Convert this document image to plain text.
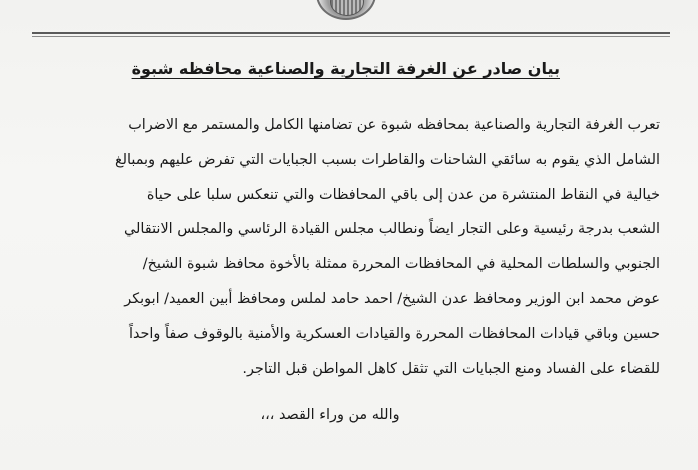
بيان صادر عن الغرفة التجارية والصناعية محافظه شبوة
تعرب الغرفة التجارية والصناعية بمحافظه شبوة عن تضامنها الكامل والمستمر مع الاضراب
الشامل الذي يقوم به سائقي الشاحنات والقاطرات بسبب الجبايات التي تفرض عليهم وبمبالغ
خيالية في النقاط المنتشرة من عدن إلى باقي المحافظات والتي تنعكس سلبا على حياة
الشعب بدرجة رئيسية وعلى التجار ايضاً ونطالب مجلس القيادة الرئاسي والمجلس الانتقالي
الجنوبي والسلطات المحلية في المحافظات المحررة ممثلة بالأخوة محافظ شبوة الشيخ/
عوض محمد ابن الوزير ومحافظ عدن الشيخ/ احمد حامد لملس ومحافظ أبين العميد/ ابوبكر
حسين وباقي قيادات المحافظات المحررة والقيادات العسكرية والأمنية بالوقوف صفاً واحداً
للقضاء على الفساد ومنع الجبايات التي تثقل كاهل المواطن قبل التاجر.
والله من وراء القصد ،،،
